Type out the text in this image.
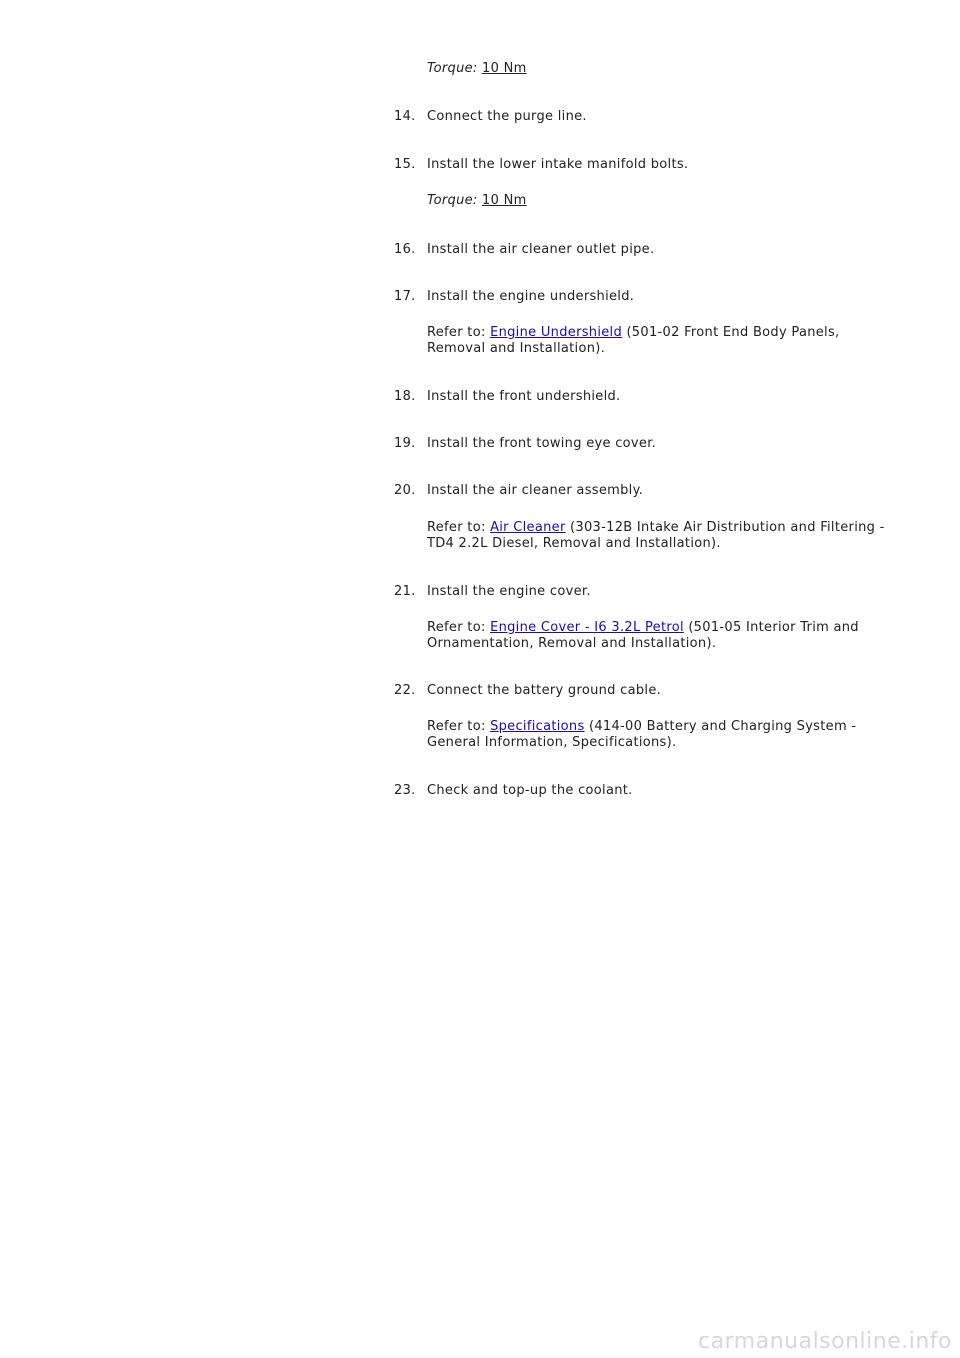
Torque: 10 Nm
14. Connect the purge line.
15. Install the lower intake manifold bolts.
Torque: 10 Nm
16. Install the air cleaner outlet pipe.
17. Install the engine undershield.
Refer to: Engine Undershield (501-02 Front End Body Panels,
Removal and Installation).
18. Install the front undershield.
19. Install the front towing eye cover.
20. Install the air cleaner assembly.
Refer to: Air Cleaner (303-12B Intake Air Distribution and Filtering -
TD4 2.2L Diesel, Removal and Installation).
21. Install the engine cover.
Refer to: Engine Cover - I6 3.2L Petrol (501-05 Interior Trim and
Ornamentation, Removal and Installation).
22. Connect the battery ground cable.
Refer to: Specifications (414-00 Battery and Charging System -
General Information, Specifications).
23. Check and top-up the coolant.
carmanualsonline.info
